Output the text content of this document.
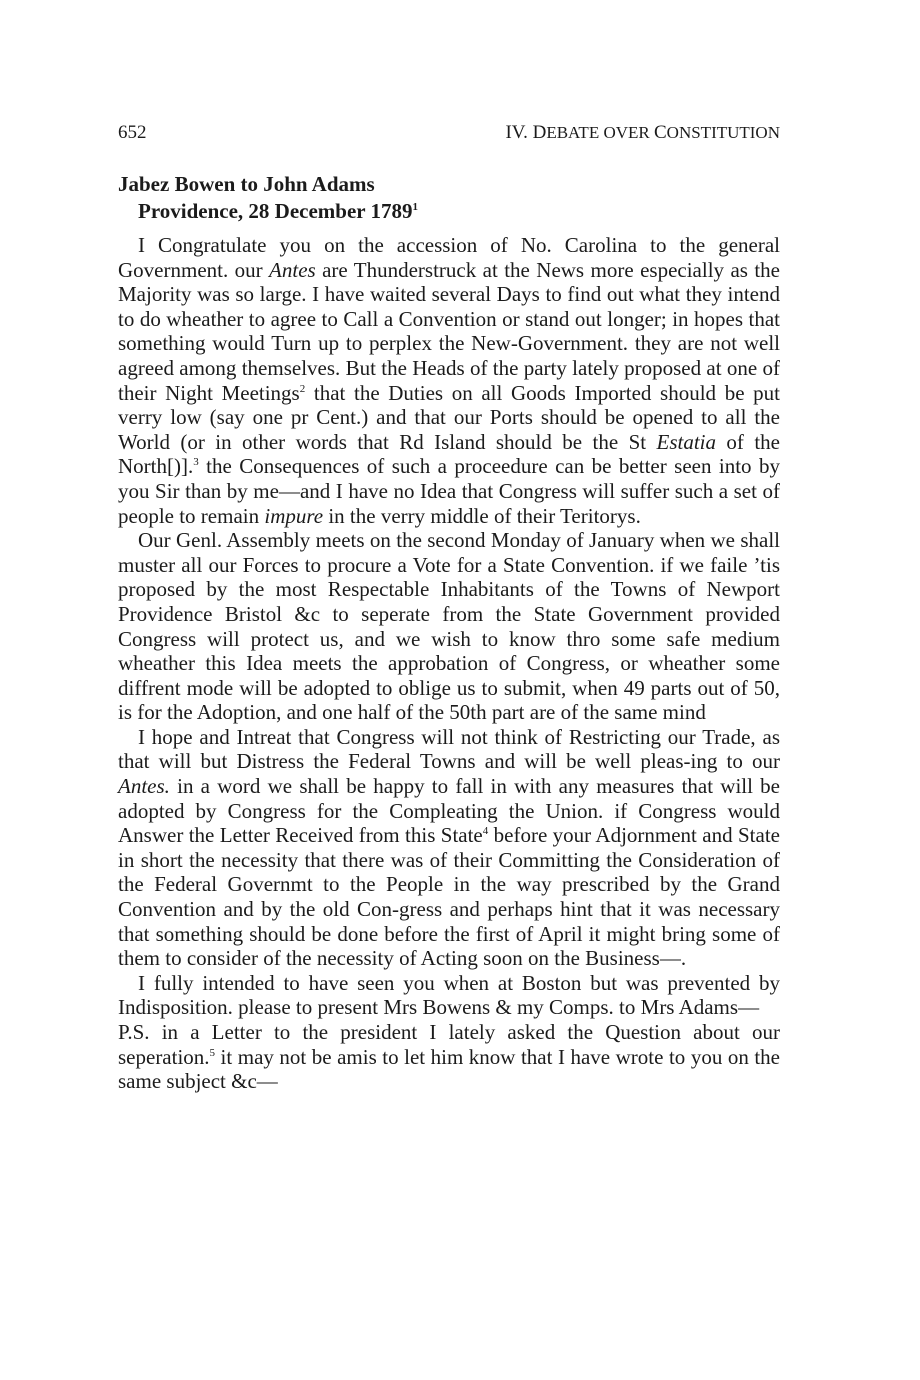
652	IV. DEBATE OVER CONSTITUTION
Jabez Bowen to John Adams
Providence, 28 December 1789$^1$

I Congratulate you on the accession of No. Carolina to the general Government. our Antes are Thunderstruck at the News more especially as the Majority was so large. I have waited several Days to find out what they intend to do wheather to agree to Call a Convention or stand out longer; in hopes that something would Turn up to perplex the New-Government. they are not well agreed among themselves. But the Heads of the party lately proposed at one of their Night Meetings$^2$ that the Duties on all Goods Imported should be put verry low (say one pr Cent.) and that our Ports should be opened to all the World (or in other words that Rd Island should be the St Estatia of the North[)].$^3$ the Consequences of such a proceedure can be better seen into by you Sir than by me—and I have no Idea that Congress will suffer such a set of people to remain impure in the verry middle of their Teritorys.

Our Genl. Assembly meets on the second Monday of January when we shall muster all our Forces to procure a Vote for a State Convention. if we faile ’tis proposed by the most Respectable Inhabitants of the Towns of Newport Providence Bristol &c to seperate from the State Government provided Congress will protect us, and we wish to know thro some safe medium wheather this Idea meets the approbation of Congress, or wheather some diffrent mode will be adopted to oblige us to submit, when 49 parts out of 50, is for the Adoption, and one half of the 50th part are of the same mind

I hope and Intreat that Congress will not think of Restricting our Trade, as that will but Distress the Federal Towns and will be well pleas-ing to our Antes. in a word we shall be happy to fall in with any measures that will be adopted by Congress for the Compleating the Union. if Congress would Answer the Letter Received from this State$^4$ before your Adjornment and State in short the necessity that there was of their Committing the Consideration of the Federal Governmt to the People in the way prescribed by the Grand Convention and by the old Con-gress and perhaps hint that it was necessary that something should be done before the first of April it might bring some of them to consider of the necessity of Acting soon on the Business—.

I fully intended to have seen you when at Boston but was prevented by Indisposition. please to present Mrs Bowens & my Comps. to Mrs Adams—

P.S. in a Letter to the president I lately asked the Question about our seperation.$^5$ it may not be amis to let him know that I have wrote to you on the same subject &c—
